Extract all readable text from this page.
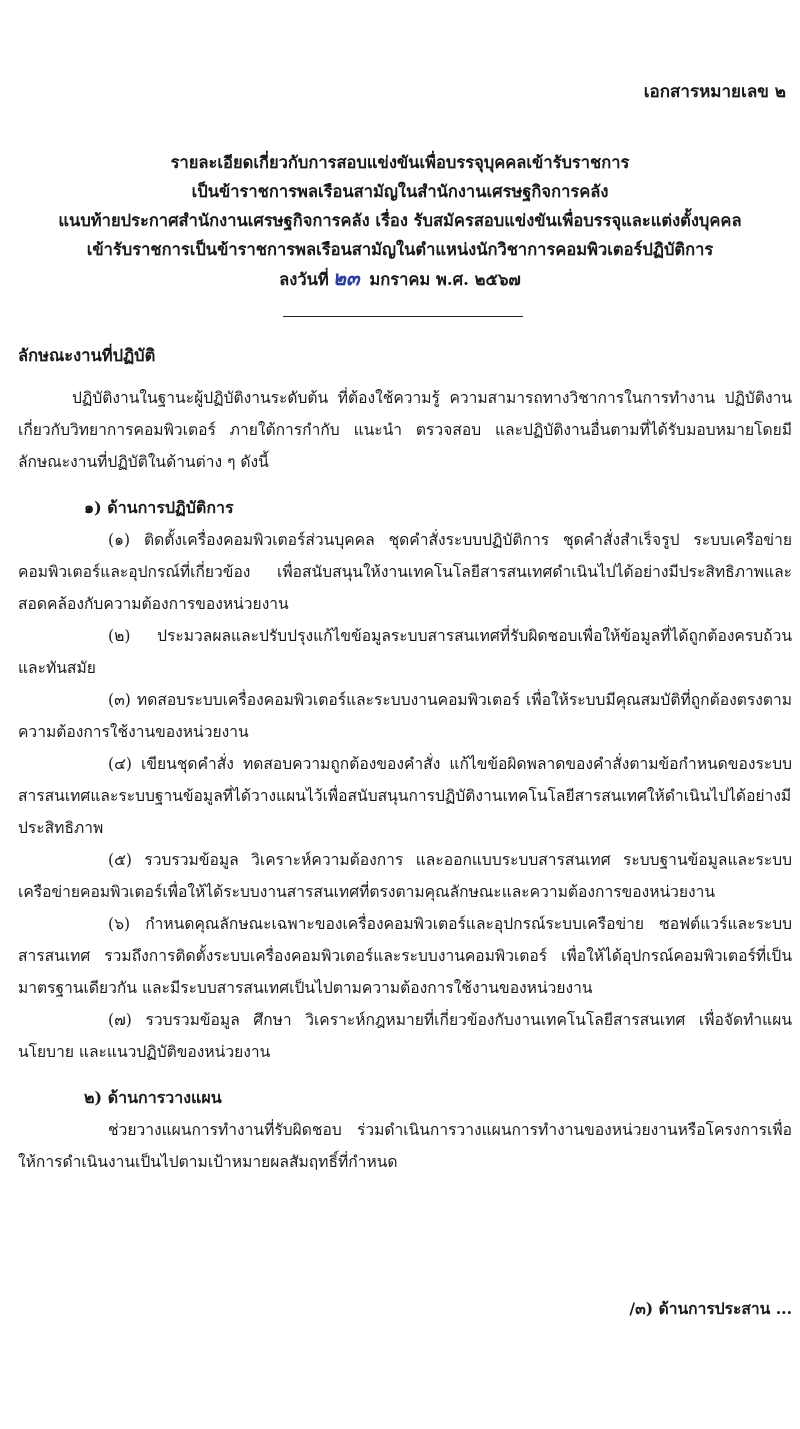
เอกสารหมายเลข ๒
รายละเอียดเกี่ยวกับการสอบแข่งขันเพื่อบรรจุบุคคลเข้ารับราชการ
เป็นข้าราชการพลเรือนสามัญในสำนักงานเศรษฐกิจการคลัง
แนบท้ายประกาศสำนักงานเศรษฐกิจการคลัง เรื่อง รับสมัครสอบแข่งขันเพื่อบรรจุและแต่งตั้งบุคคล
เข้ารับราชการเป็นข้าราชการพลเรือนสามัญในตำแหน่งนักวิชาการคอมพิวเตอร์ปฏิบัติการ
ลงวันที่ ๒๓ มกราคม พ.ศ. ๒๕๖๗

ลักษณะงานที่ปฏิบัติ

ปฏิบัติงานในฐานะผู้ปฏิบัติงานระดับต้น ที่ต้องใช้ความรู้ ความสามารถทางวิชาการในการทำงาน ปฏิบัติงานเกี่ยวกับวิทยาการคอมพิวเตอร์ ภายใต้การกำกับ แนะนำ ตรวจสอบ และปฏิบัติงานอื่นตามที่ได้รับมอบหมายโดยมีลักษณะงานที่ปฏิบัติในด้านต่าง ๆ ดังนี้

๑) ด้านการปฏิบัติการ

(๑) ติดตั้งเครื่องคอมพิวเตอร์ส่วนบุคคล ชุดคำสั่งระบบปฏิบัติการ ชุดคำสั่งสำเร็จรูป ระบบเครือข่ายคอมพิวเตอร์และอุปกรณ์ที่เกี่ยวข้อง เพื่อสนับสนุนให้งานเทคโนโลยีสารสนเทศดำเนินไปได้อย่างมีประสิทธิภาพและสอดคล้องกับความต้องการของหน่วยงาน

(๒) ประมวลผลและปรับปรุงแก้ไขข้อมูลระบบสารสนเทศที่รับผิดชอบเพื่อให้ข้อมูลที่ได้ถูกต้องครบถ้วนและทันสมัย

(๓) ทดสอบระบบเครื่องคอมพิวเตอร์และระบบงานคอมพิวเตอร์ เพื่อให้ระบบมีคุณสมบัติที่ถูกต้องตรงตามความต้องการใช้งานของหน่วยงาน

(๔) เขียนชุดคำสั่ง ทดสอบความถูกต้องของคำสั่ง แก้ไขข้อผิดพลาดของคำสั่งตามข้อกำหนดของระบบสารสนเทศและระบบฐานข้อมูลที่ได้วางแผนไว้เพื่อสนับสนุนการปฏิบัติงานเทคโนโลยีสารสนเทศให้ดำเนินไปได้อย่างมีประสิทธิภาพ

(๕) รวบรวมข้อมูล วิเคราะห์ความต้องการ และออกแบบระบบสารสนเทศ ระบบฐานข้อมูลและระบบเครือข่ายคอมพิวเตอร์เพื่อให้ได้ระบบงานสารสนเทศที่ตรงตามคุณลักษณะและความต้องการของหน่วยงาน

(๖) กำหนดคุณลักษณะเฉพาะของเครื่องคอมพิวเตอร์และอุปกรณ์ระบบเครือข่าย ซอฟต์แวร์และระบบสารสนเทศ รวมถึงการติดตั้งระบบเครื่องคอมพิวเตอร์และระบบงานคอมพิวเตอร์ เพื่อให้ได้อุปกรณ์คอมพิวเตอร์ที่เป็นมาตรฐานเดียวกัน และมีระบบสารสนเทศเป็นไปตามความต้องการใช้งานของหน่วยงาน

(๗) รวบรวมข้อมูล ศึกษา วิเคราะห์กฎหมายที่เกี่ยวข้องกับงานเทคโนโลยีสารสนเทศ เพื่อจัดทำแผน นโยบาย และแนวปฏิบัติของหน่วยงาน

๒) ด้านการวางแผน

ช่วยวางแผนการทำงานที่รับผิดชอบ ร่วมดำเนินการวางแผนการทำงานของหน่วยงานหรือโครงการเพื่อให้การดำเนินงานเป็นไปตามเป้าหมายผลสัมฤทธิ์ที่กำหนด

/๓) ด้านการประสาน ...
